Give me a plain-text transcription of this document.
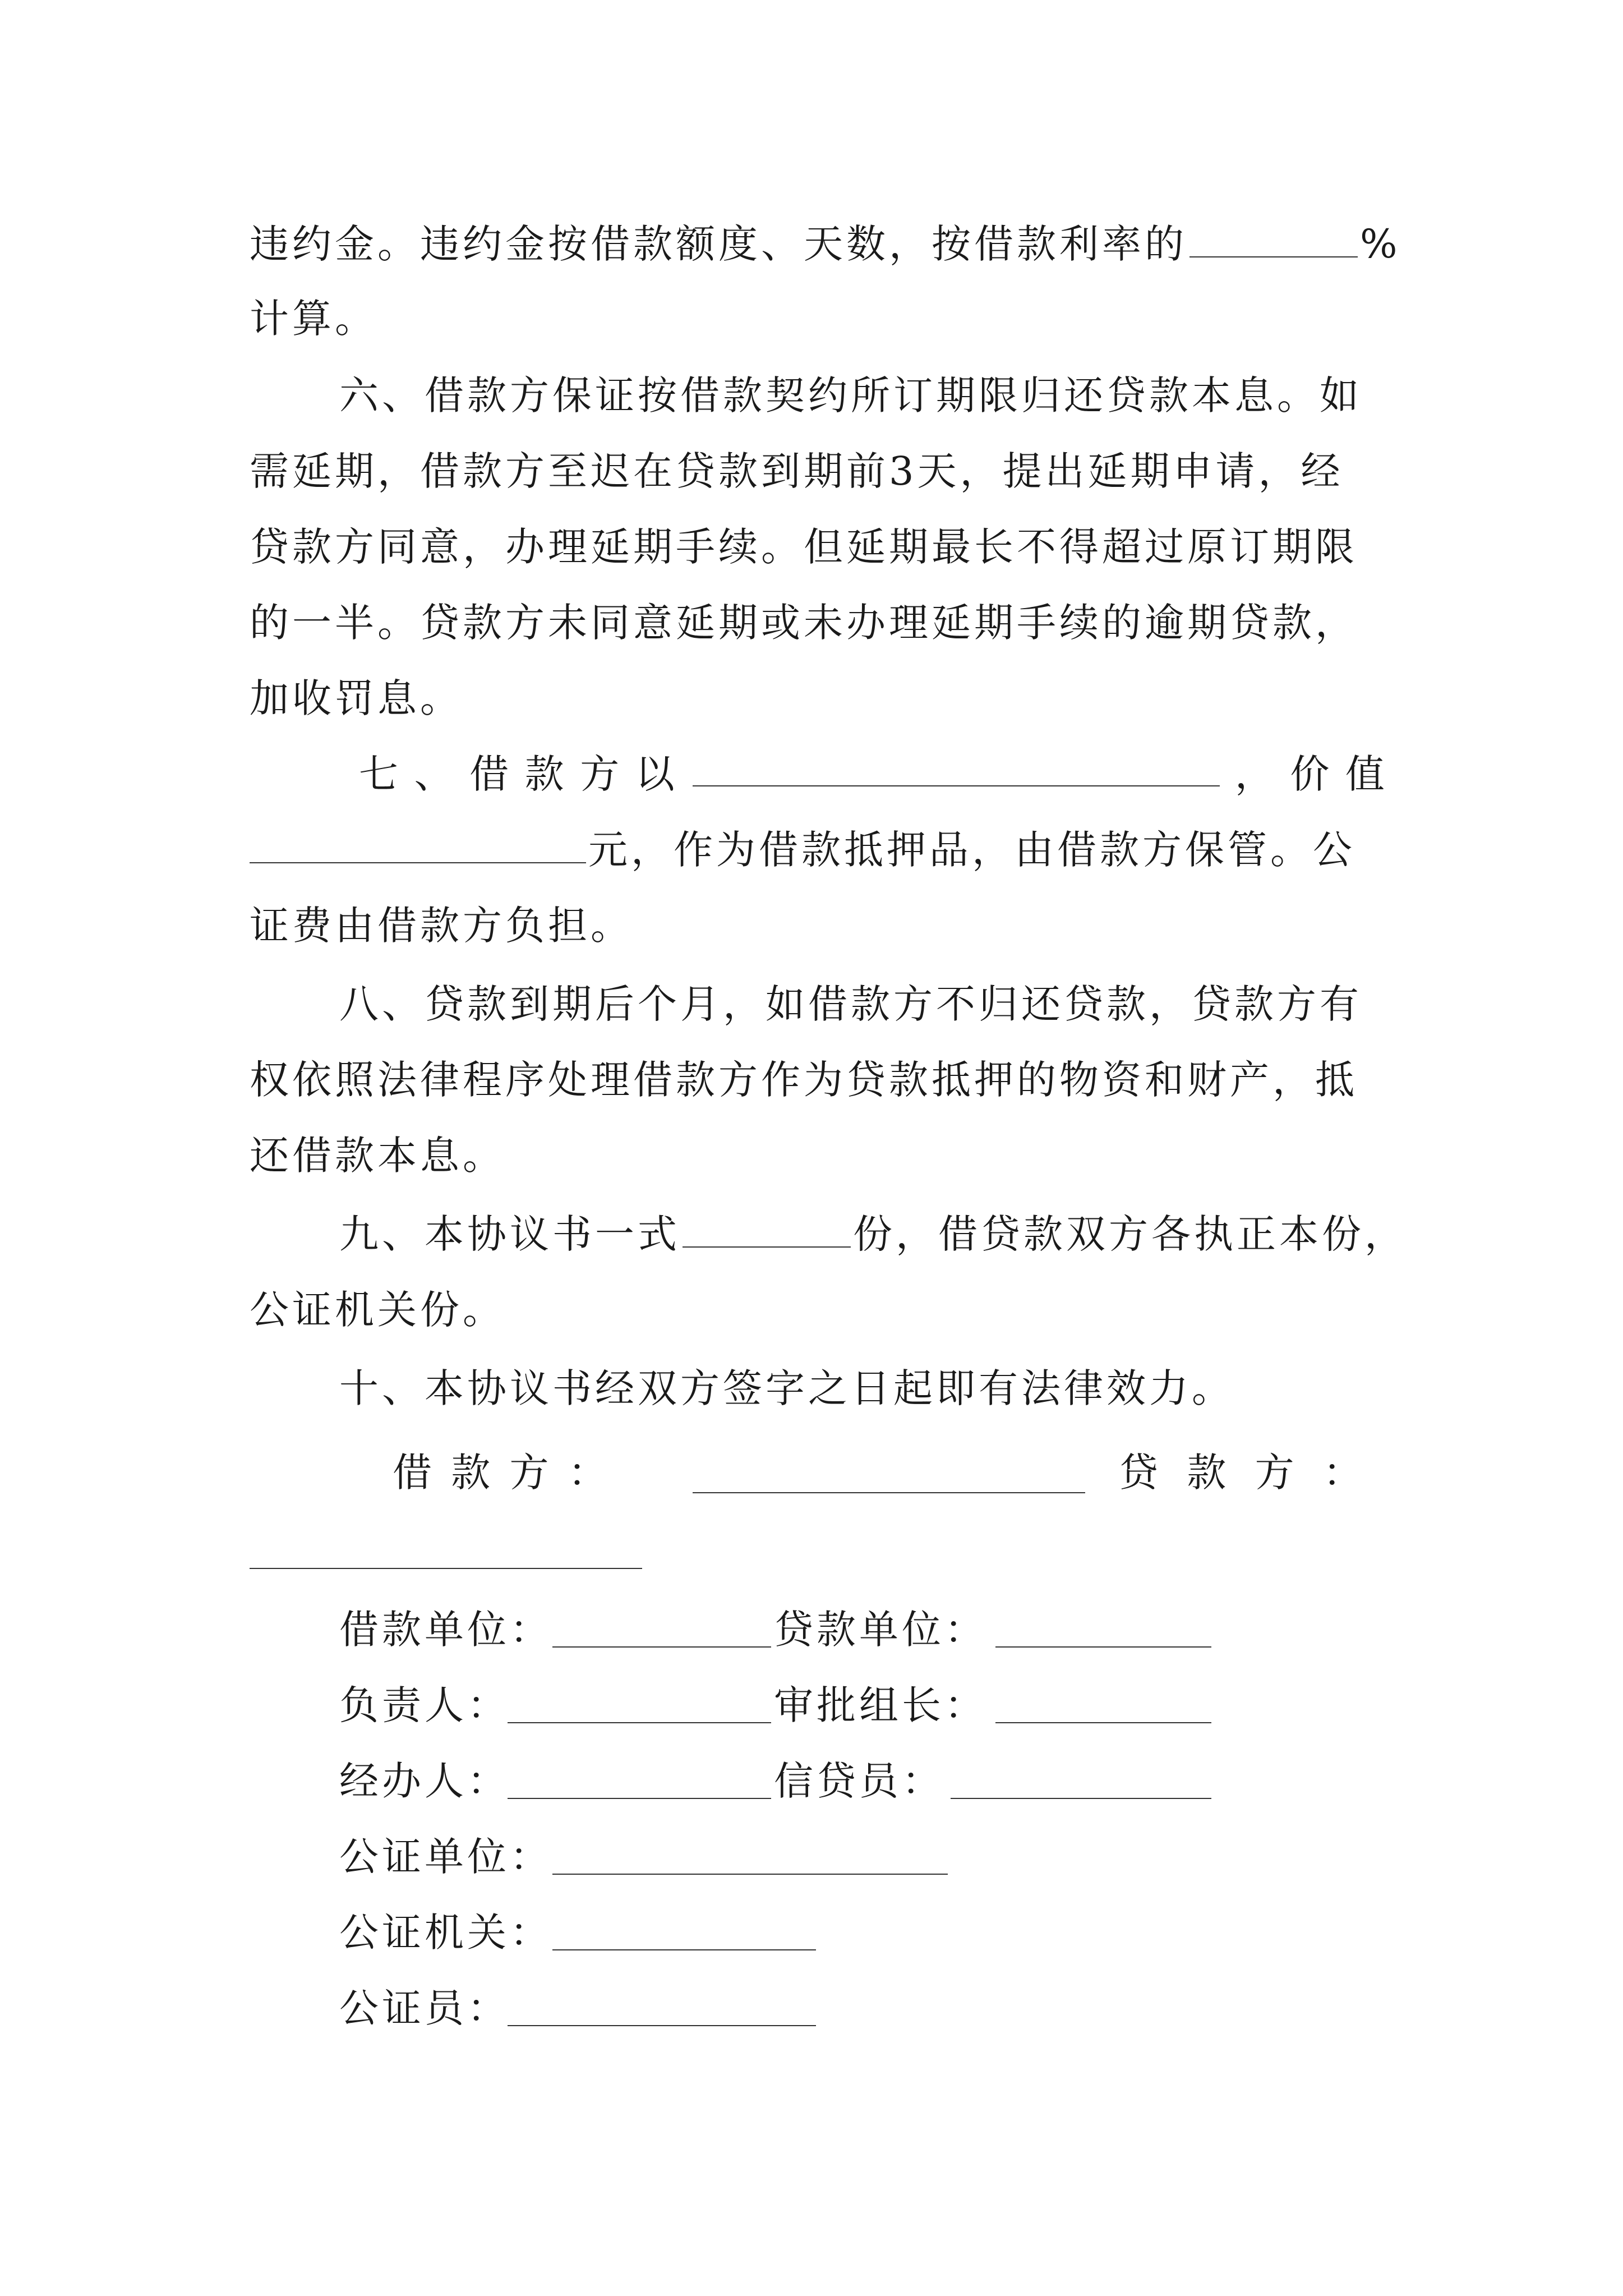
违约金。违约金按借款额度、天数，按借款利率的	%
计算。
六、借款方保证按借款契约所订期限归还贷款本息。如
需延期，借款方至迟在贷款到期前3天，提出延期申请，经
贷款方同意，办理延期手续。但延期最长不得超过原订期限
的一半。贷款方未同意延期或未办理延期手续的逾期贷款，
加收罚息。
七 、 借 款 方 以	， 价 值
元，作为借款抵押品，由借款方保管。公
证费由借款方负担。
八、贷款到期后个月，如借款方不归还贷款，贷款方有
权依照法律程序处理借款方作为贷款抵押的物资和财产，抵
还借款本息。
九、本协议书一式	份，借贷款双方各执正本份，
公证机关份。
十、本协议书经双方签字之日起即有法律效力。
借 款 方 ：	贷 款 方 ：
借款单位：	贷款单位：
负责人：	审批组长：
经办人：	信贷员：
公证单位：
公证机关：
公证员：
